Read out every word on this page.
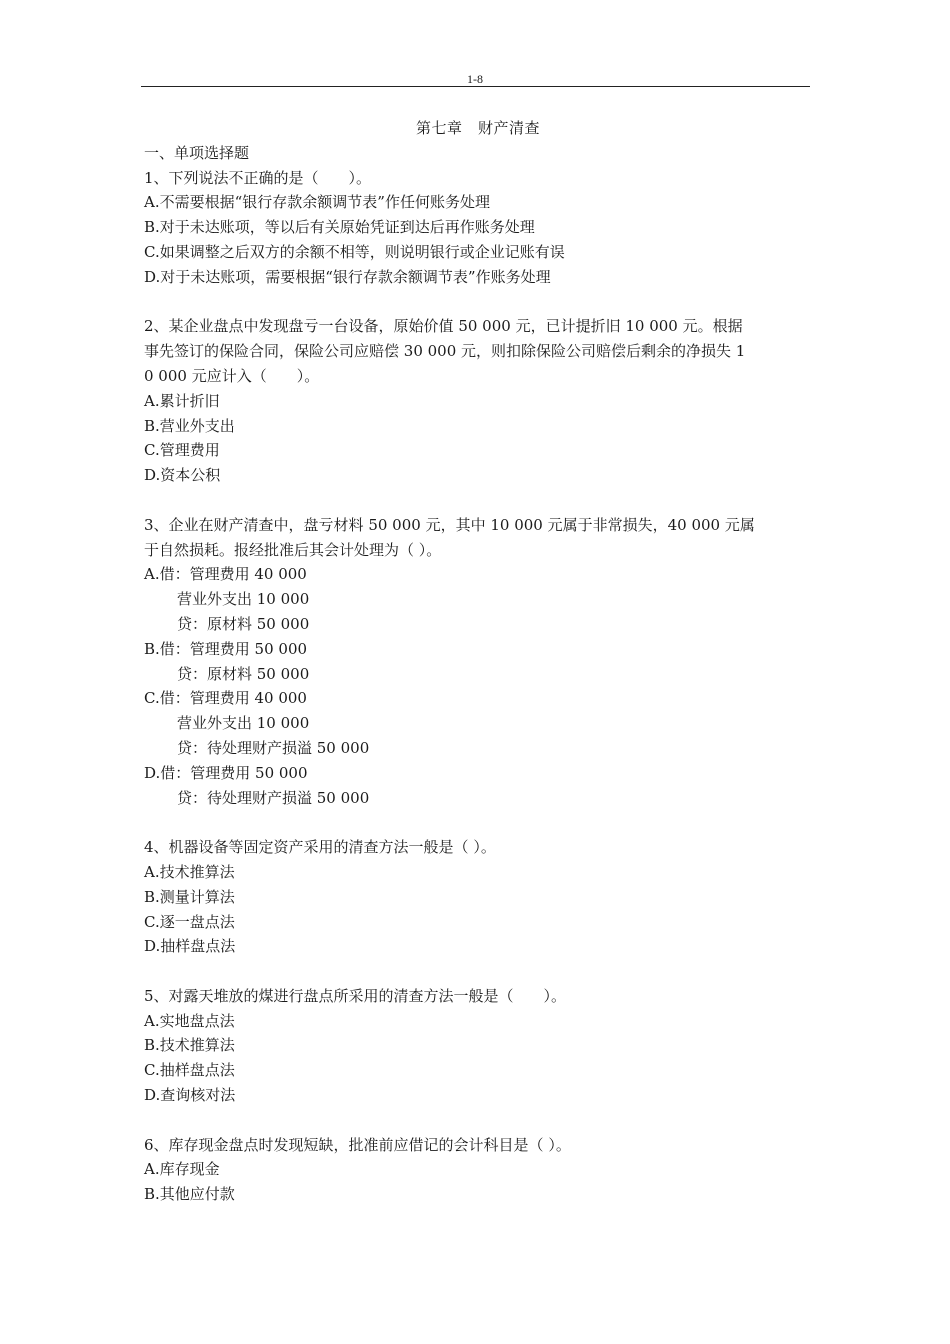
1-8

第七章　财产清查

一、单项选择题

1、下列说法不正确的是（　　）。

A.不需要根据“银行存款余额调节表”作任何账务处理

B.对于未达账项，等以后有关原始凭证到达后再作账务处理

C.如果调整之后双方的余额不相等，则说明银行或企业记账有误

D.对于未达账项，需要根据“银行存款余额调节表”作账务处理

2、某企业盘点中发现盘亏一台设备，原始价值 50 000 元，已计提折旧 10 000 元。根据

事先签订的保险合同，保险公司应赔偿 30 000 元，则扣除保险公司赔偿后剩余的净损失 1

0 000 元应计入（　　）。

A.累计折旧

B.营业外支出

C.管理费用

D.资本公积

3、企业在财产清查中，盘亏材料 50 000 元，其中 10 000 元属于非常损失，40 000 元属

于自然损耗。报经批准后其会计处理为（ ）。

A.借：管理费用 40 000

营业外支出 10 000

贷：原材料 50 000

B.借：管理费用 50 000

贷：原材料 50 000

C.借：管理费用 40 000

营业外支出 10 000

贷：待处理财产损溢 50 000

D.借：管理费用 50 000

贷：待处理财产损溢 50 000

4、机器设备等固定资产采用的清查方法一般是（ ）。

A.技术推算法

B.测量计算法

C.逐一盘点法

D.抽样盘点法

5、对露天堆放的煤进行盘点所采用的清查方法一般是（　　）。

A.实地盘点法

B.技术推算法

C.抽样盘点法

D.查询核对法

6、库存现金盘点时发现短缺，批准前应借记的会计科目是（ ）。

A.库存现金

B.其他应付款
